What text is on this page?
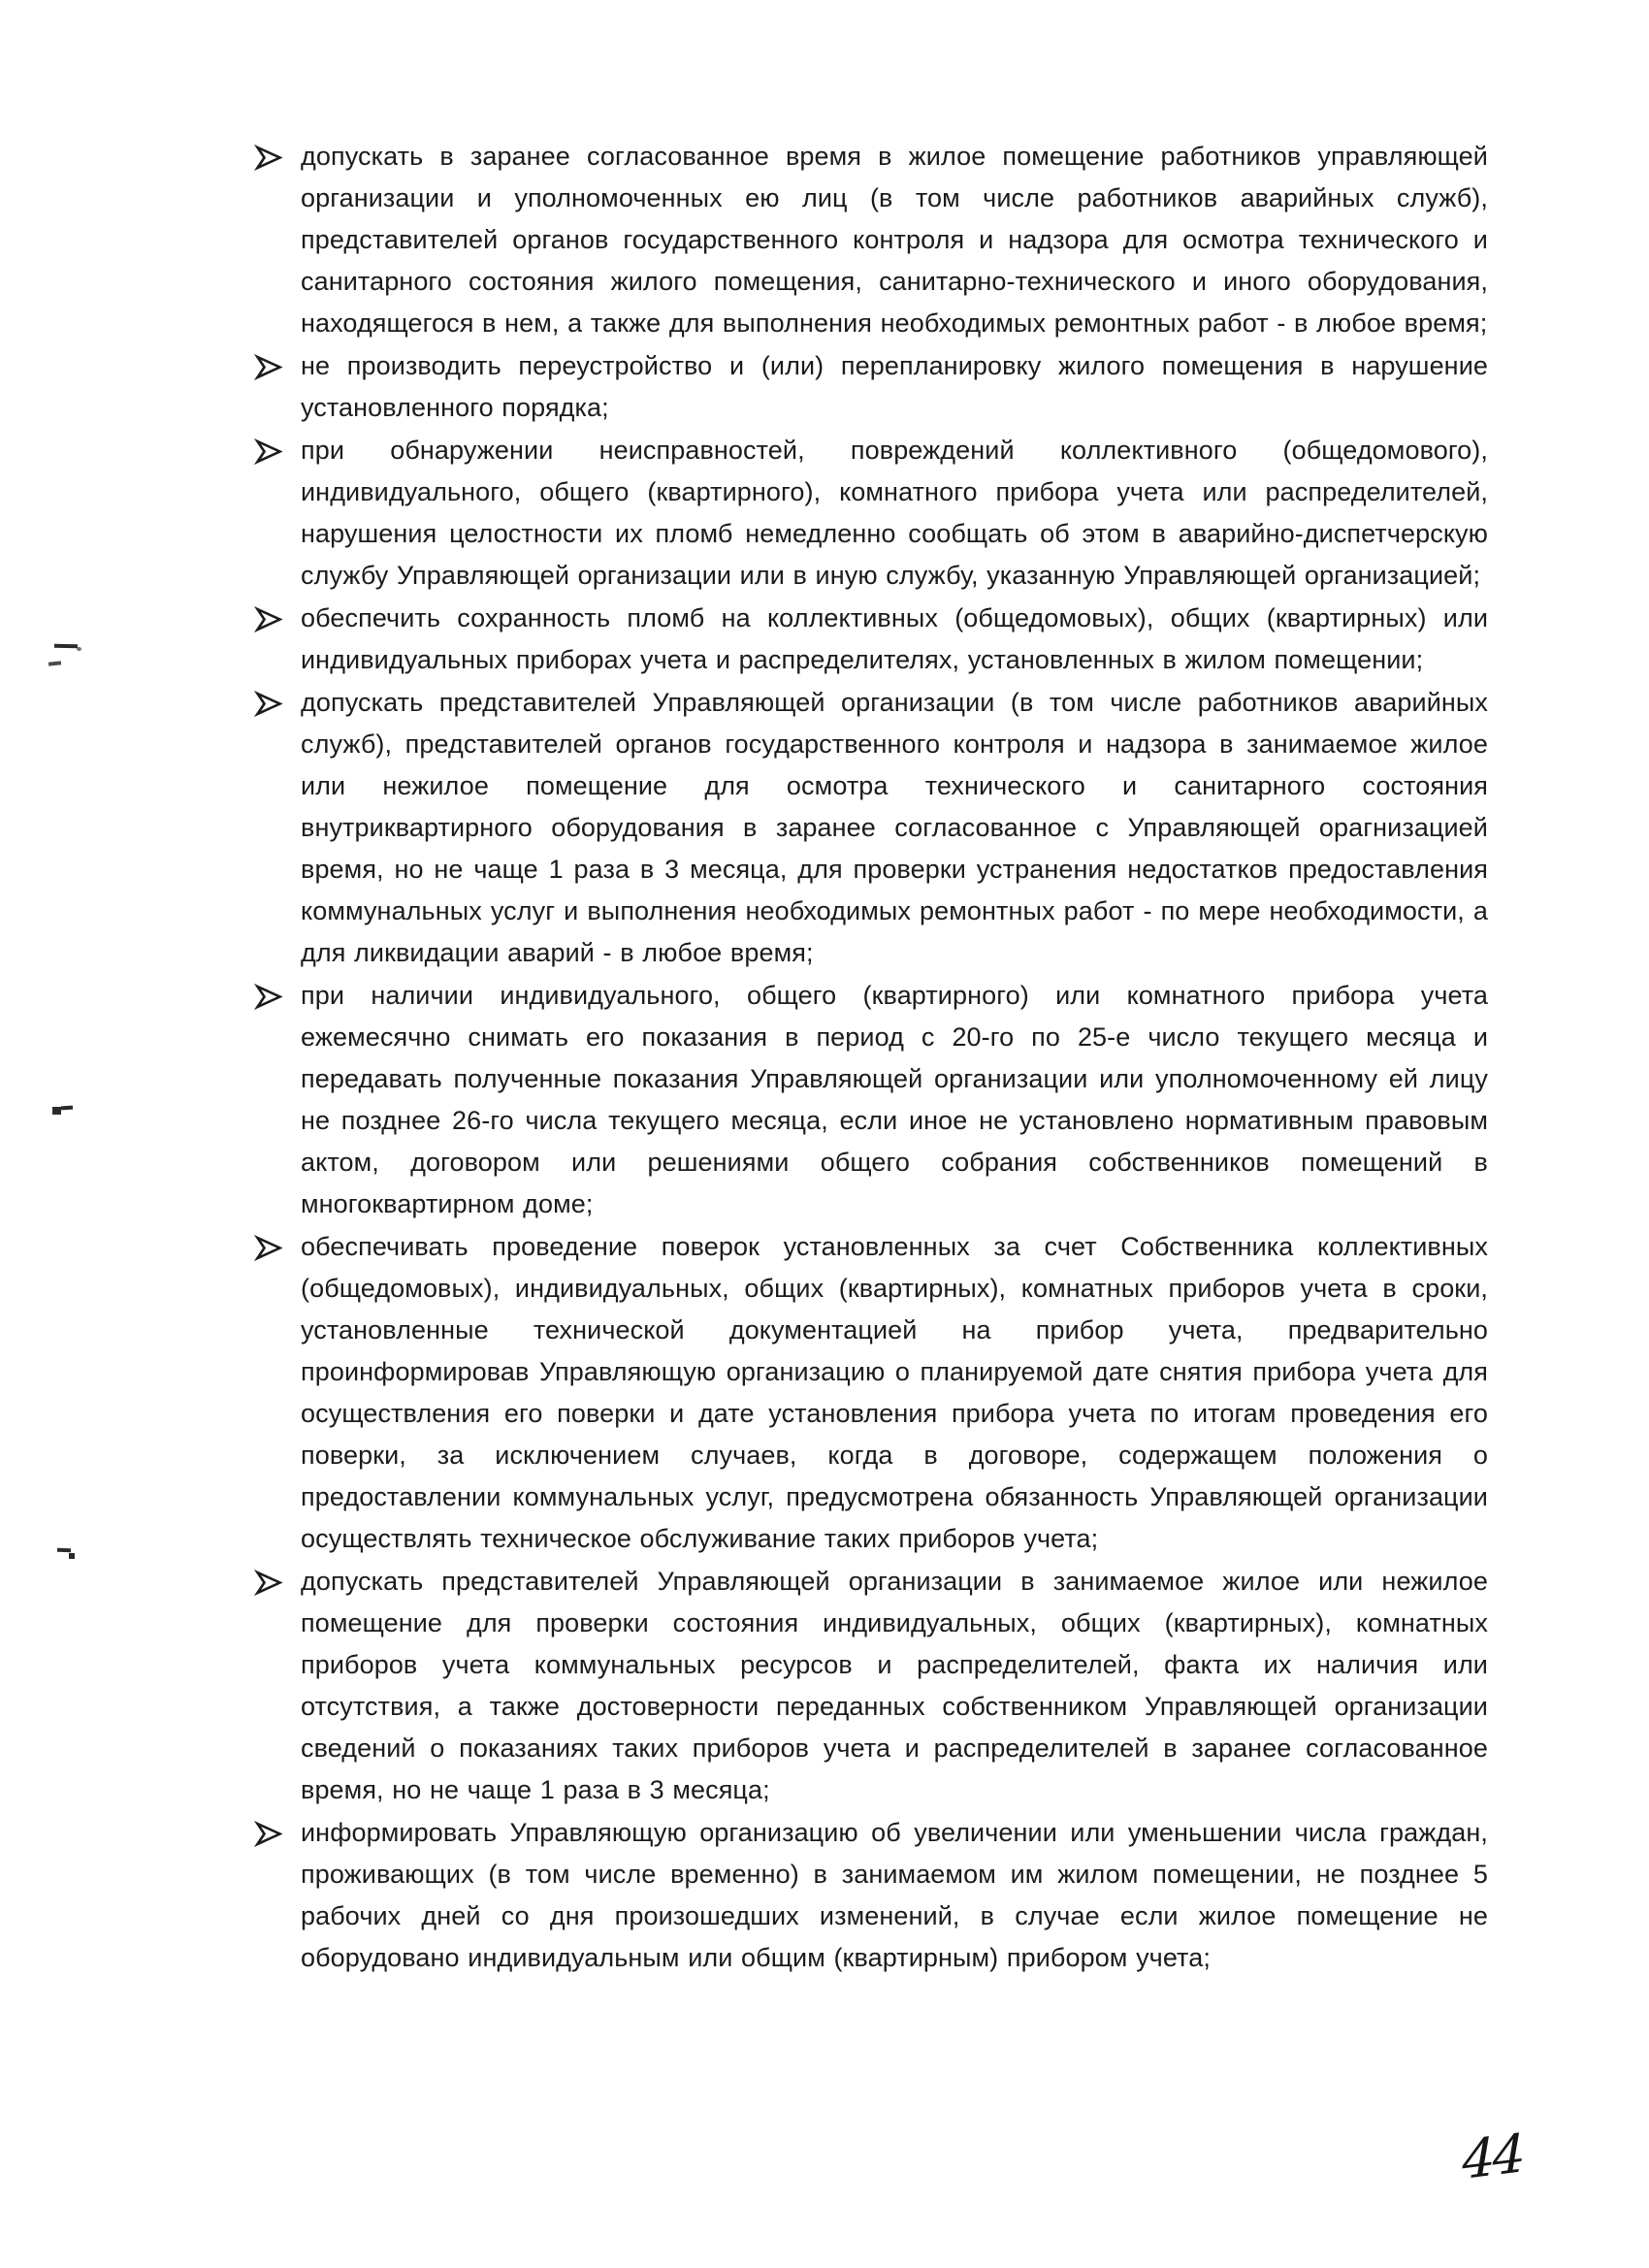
допускать в заранее согласованное время в жилое помещение работников управляющей организации и уполномоченных ею лиц (в том числе работников аварийных служб), представителей органов государственного контроля и надзора для осмотра технического и санитарного состояния жилого помещения, санитарно-технического и иного оборудования, находящегося в нем, а также для выполнения необходимых ремонтных работ - в любое время;
не производить переустройство и (или) перепланировку жилого помещения в нарушение установленного порядка;
при обнаружении неисправностей, повреждений коллективного (общедомового), индивидуального, общего (квартирного), комнатного прибора учета или распределителей, нарушения целостности их пломб немедленно сообщать об этом в аварийно-диспетчерскую службу Управляющей организации или в иную службу, указанную Управляющей организацией;
обеспечить сохранность пломб на коллективных (общедомовых), общих (квартирных) или индивидуальных приборах учета и распределителях, установленных в жилом помещении;
допускать представителей Управляющей организации (в том числе работников аварийных служб), представителей органов государственного контроля и надзора в занимаемое жилое или нежилое помещение для осмотра технического и санитарного состояния внутриквартирного оборудования в заранее согласованное с Управляющей орагнизацией время, но не чаще 1 раза в 3 месяца, для проверки устранения недостатков предоставления коммунальных услуг и выполнения необходимых ремонтных работ - по мере необходимости, а для ликвидации аварий - в любое время;
при наличии индивидуального, общего (квартирного) или комнатного прибора учета ежемесячно снимать его показания в период с 20-го по 25-е число текущего месяца и передавать полученные показания Управляющей организации или уполномоченному ей лицу не позднее 26-го числа текущего месяца, если иное не установлено нормативным правовым актом, договором или решениями общего собрания собственников помещений в многоквартирном доме;
обеспечивать проведение поверок установленных за счет Собственника коллективных (общедомовых), индивидуальных, общих (квартирных), комнатных приборов учета в сроки, установленные технической документацией на прибор учета, предварительно проинформировав Управляющую организацию о планируемой дате снятия прибора учета для осуществления его поверки и дате установления прибора учета по итогам проведения его поверки, за исключением случаев, когда в договоре, содержащем положения о предоставлении коммунальных услуг, предусмотрена обязанность Управляющей организации осуществлять техническое обслуживание таких приборов учета;
допускать представителей Управляющей организации в занимаемое жилое или нежилое помещение для проверки состояния индивидуальных, общих (квартирных), комнатных приборов учета коммунальных ресурсов и распределителей, факта их наличия или отсутствия, а также достоверности переданных собственником Управляющей организации сведений о показаниях таких приборов учета и распределителей в заранее согласованное время, но не чаще 1 раза в 3 месяца;
информировать Управляющую организацию об увеличении или уменьшении числа граждан, проживающих (в том числе временно) в занимаемом им жилом помещении, не позднее 5 рабочих дней со дня произошедших изменений, в случае если жилое помещение не оборудовано индивидуальным или общим (квартирным) прибором учета;
44
